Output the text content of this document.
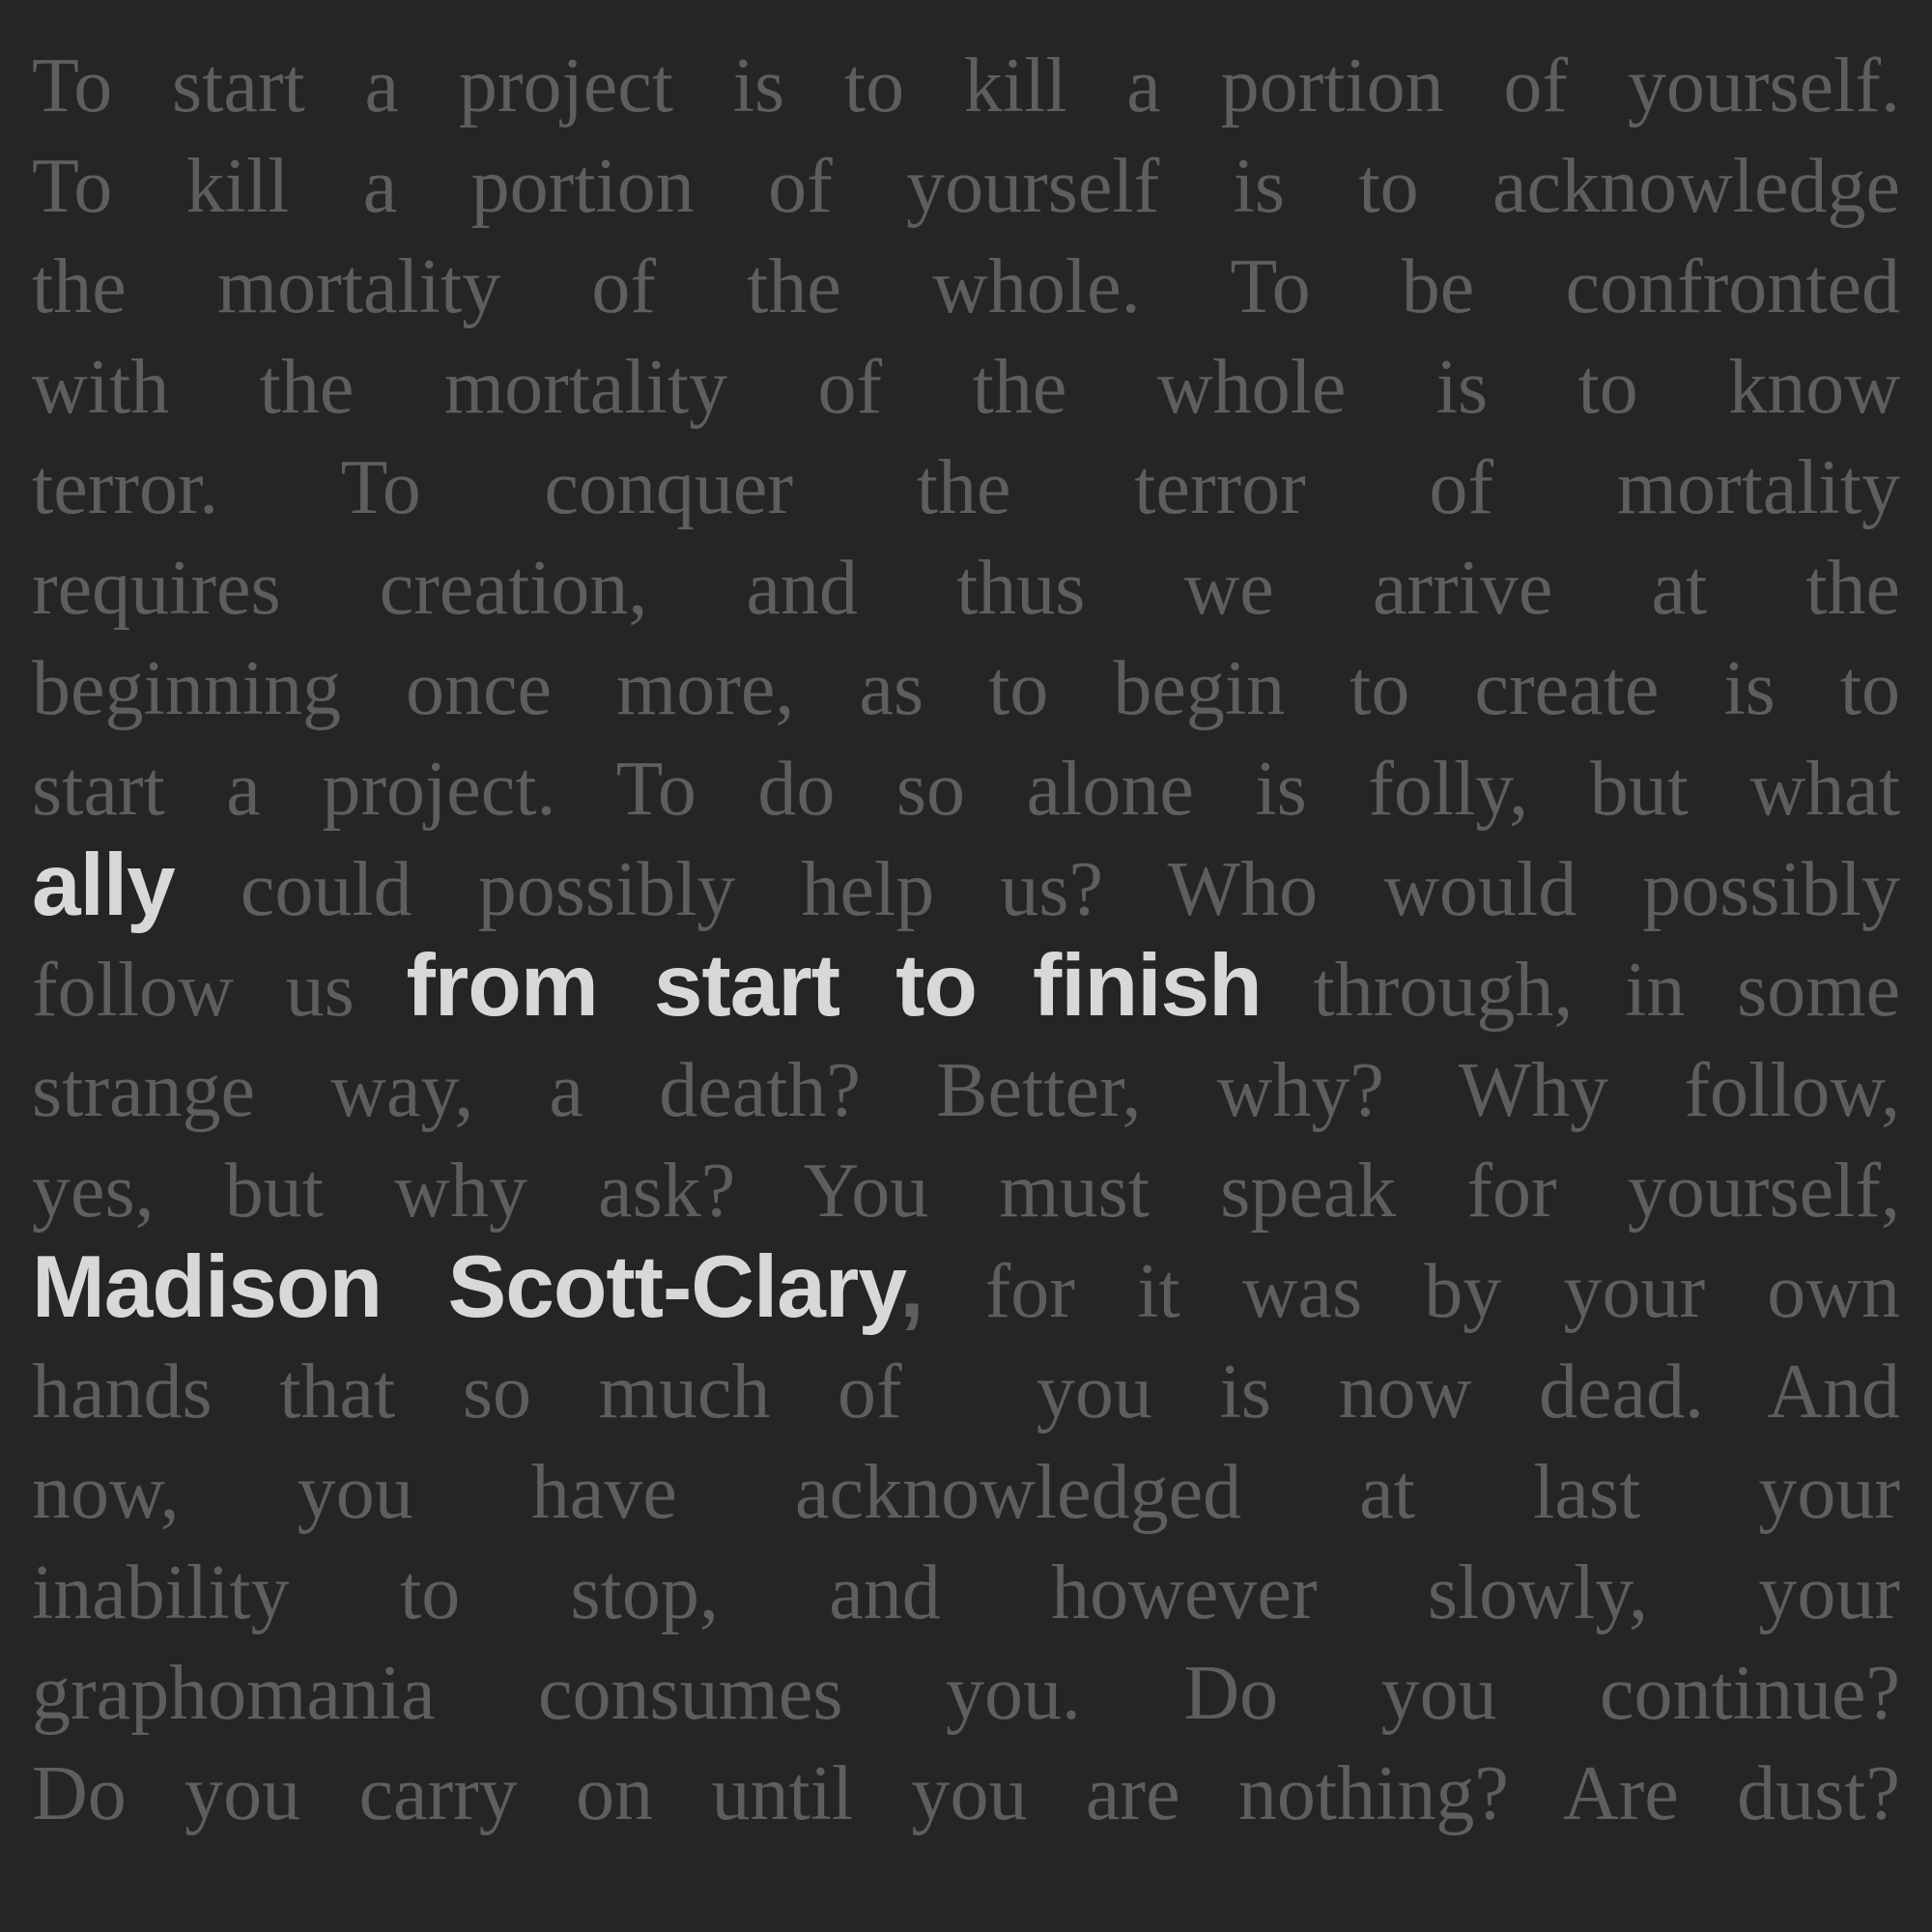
To start a project is to kill a portion of yourself.
To kill a portion of yourself is to acknowledge
the mortality of the whole. To be confronted
with the mortality of the whole is to know
terror. To conquer the terror of mortality
requires creation, and thus we arrive at the
beginning once more, as to begin to create is to
start a project. To do so alone is folly, but what
ally could possibly help us? Who would possibly
follow us from start to finish through, in some
strange way, a death? Better, why? Why follow,
yes, but why ask? You must speak for yourself,
Madison Scott-Clary, for it was by your own
hands that so much of  you is now dead. And
now, you have acknowledged at last your
inability to stop, and however slowly, your
graphomania consumes you. Do you continue?
Do you carry on until you are nothing? Are dust?
